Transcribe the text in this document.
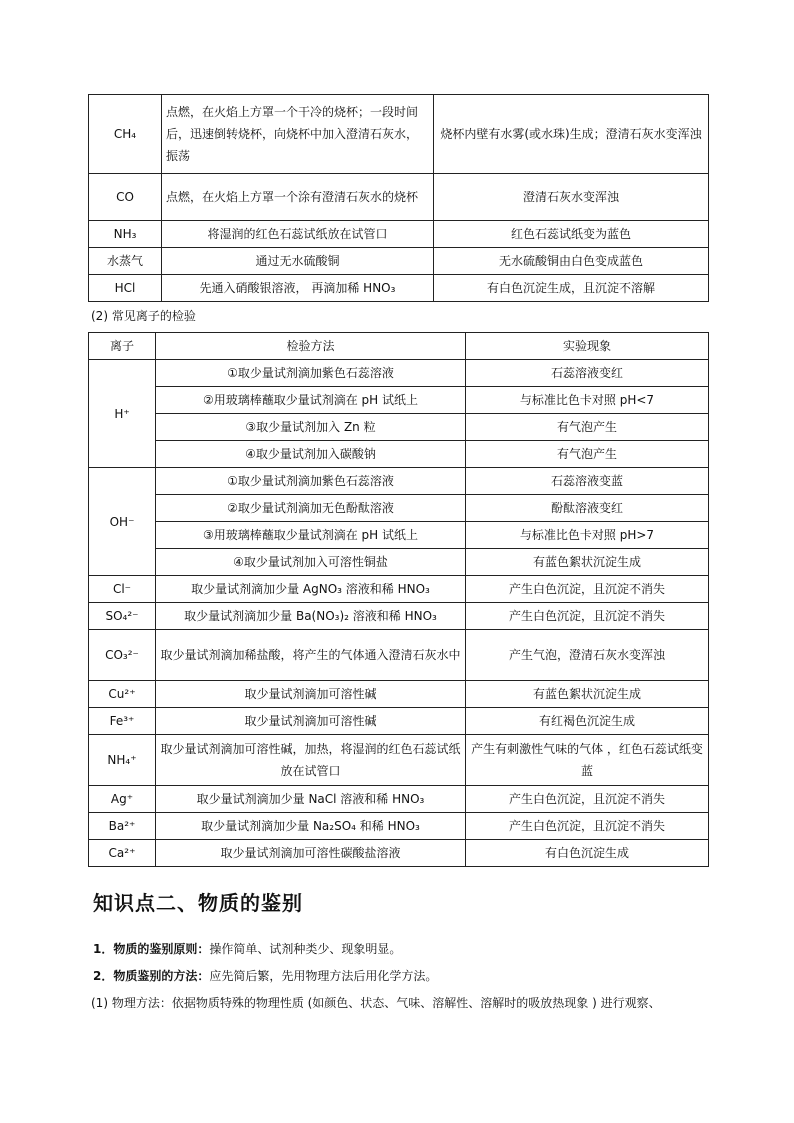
CH₄	点燃，在火焰上方罩一个干冷的烧杯；一段时间后，迅速倒转烧杯，向烧杯中加入澄清石灰水，振荡	烧杯内壁有水雾(或水珠)生成；澄清石灰水变浑浊
CO	点燃，在火焰上方罩一个涂有澄清石灰水的烧杯	澄清石灰水变浑浊
NH₃	将湿润的红色石蕊试纸放在试管口	红色石蕊试纸变为蓝色
水蒸气	通过无水硫酸铜	无水硫酸铜由白色变成蓝色
HCl	先通入硝酸银溶液， 再滴加稀 HNO₃	有白色沉淀生成，且沉淀不溶解
(2) 常见离子的检验
离子	检验方法	实验现象
H⁺	①取少量试剂滴加紫色石蕊溶液	石蕊溶液变红
	②用玻璃棒蘸取少量试剂滴在 pH 试纸上	与标准比色卡对照 pH<7
	③取少量试剂加入 Zn 粒	有气泡产生
	④取少量试剂加入碳酸钠	有气泡产生
OH⁻	①取少量试剂滴加紫色石蕊溶液	石蕊溶液变蓝
	②取少量试剂滴加无色酚酞溶液	酚酞溶液变红
	③用玻璃棒蘸取少量试剂滴在 pH 试纸上	与标准比色卡对照 pH>7
	④取少量试剂加入可溶性铜盐	有蓝色絮状沉淀生成
Cl⁻	取少量试剂滴加少量 AgNO₃ 溶液和稀 HNO₃	产生白色沉淀，且沉淀不消失
SO₄²⁻	取少量试剂滴加少量 Ba(NO₃)₂ 溶液和稀 HNO₃	产生白色沉淀，且沉淀不消失
CO₃²⁻	取少量试剂滴加稀盐酸，将产生的气体通入澄清石灰水中	产生气泡，澄清石灰水变浑浊
Cu²⁺	取少量试剂滴加可溶性碱	有蓝色絮状沉淀生成
Fe³⁺	取少量试剂滴加可溶性碱	有红褐色沉淀生成
NH₄⁺	取少量试剂滴加可溶性碱，加热，将湿润的红色石蕊试纸放在试管口	产生有刺激性气味的气体 ，红色石蕊试纸变蓝
Ag⁺	取少量试剂滴加少量 NaCl 溶液和稀 HNO₃	产生白色沉淀，且沉淀不消失
Ba²⁺	取少量试剂滴加少量 Na₂SO₄ 和稀 HNO₃	产生白色沉淀，且沉淀不消失
Ca²⁺	取少量试剂滴加可溶性碳酸盐溶液	有白色沉淀生成
知识点二、物质的鉴别
1．物质的鉴别原则：操作简单、试剂种类少、现象明显。
2．物质鉴别的方法：应先简后繁，先用物理方法后用化学方法。
(1) 物理方法：依据物质特殊的物理性质 (如颜色、状态、气味、溶解性、溶解时的吸放热现象 ) 进行观察、
